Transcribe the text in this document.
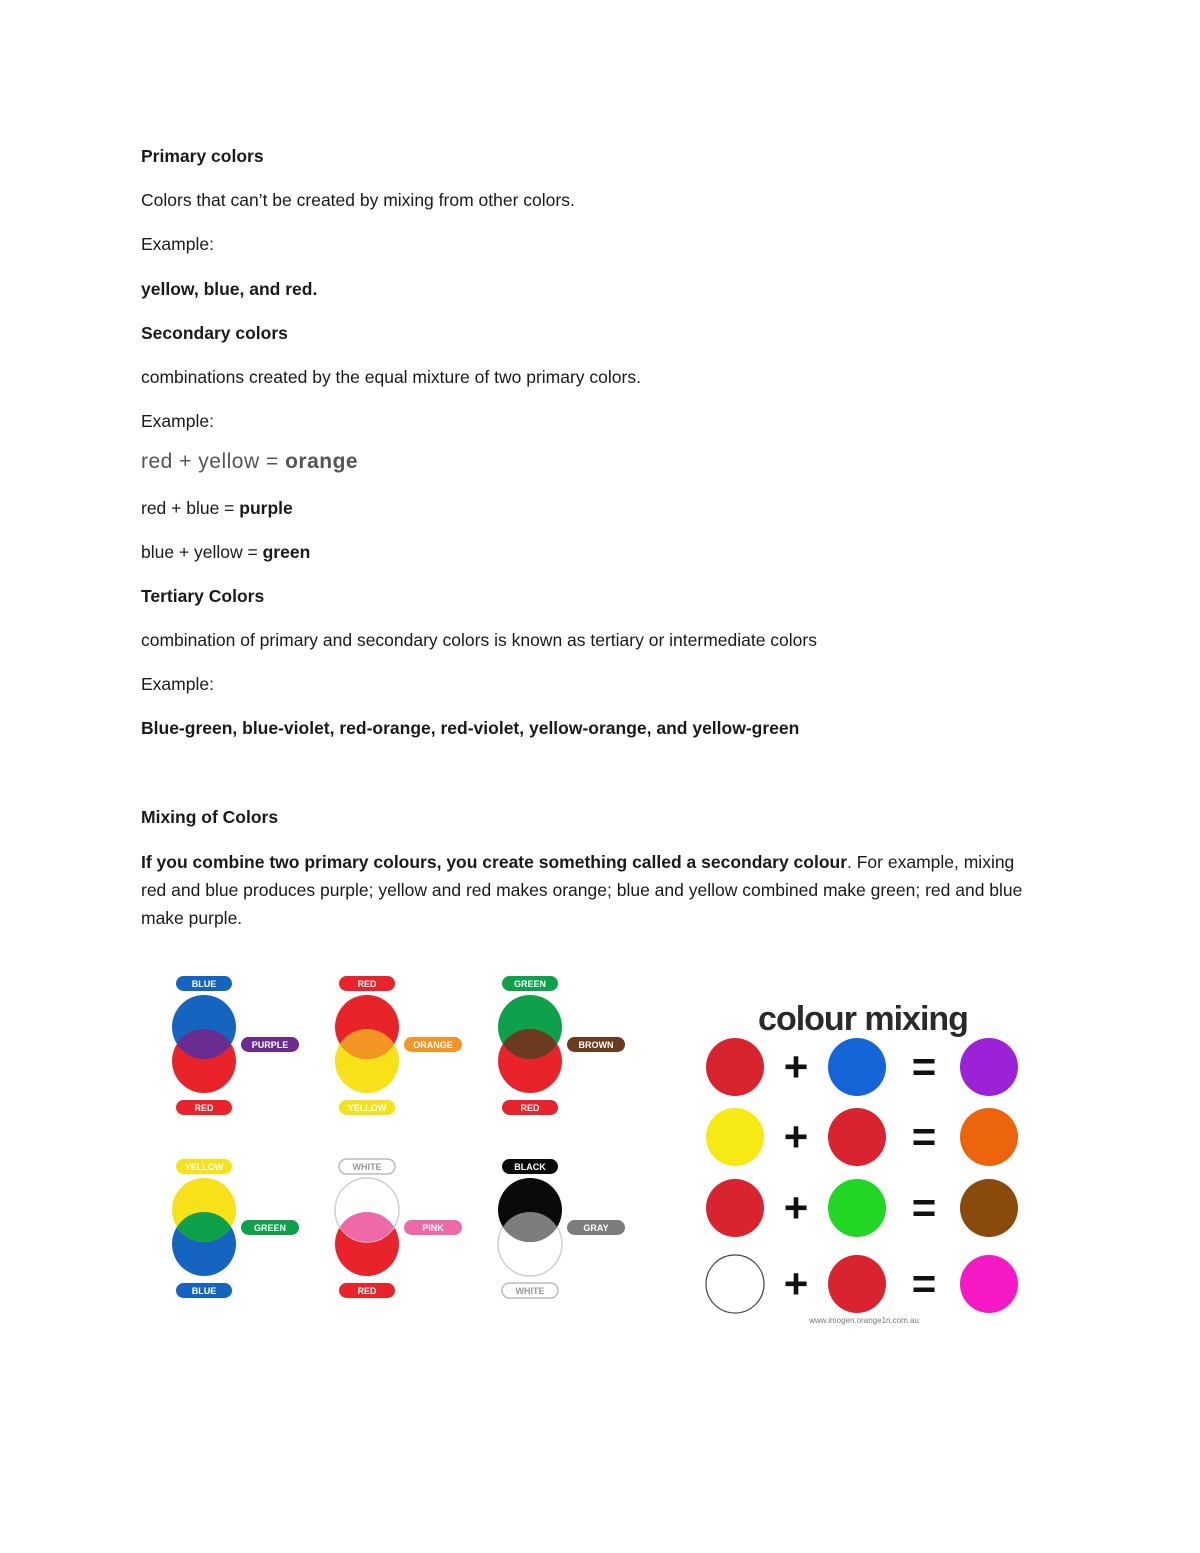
Primary colors
Colors that can’t be created by mixing from other colors.
Example:
yellow, blue, and red.
Secondary colors
combinations created by the equal mixture of two primary colors.
Example:
red + yellow = orange
red + blue = purple
blue + yellow = green
Tertiary Colors
combination of primary and secondary colors is known as tertiary or intermediate colors
Example:
Blue-green, blue-violet, red-orange, red-violet, yellow-orange, and yellow-green
Mixing of Colors
If you combine two primary colours, you create something called a secondary colour. For example, mixing red and blue produces purple; yellow and red makes orange; blue and yellow combined make green; red and blue make purple.
BLUE
RED
PURPLE
RED
YELLOW
ORANGE
GREEN
RED
BROWN
YELLOW
BLUE
GREEN
WHITE
RED
PINK
BLACK
WHITE
GRAY
colour mixing
+ =
+ =
+ =
+ =
www.imogen.orange1n.com.au
